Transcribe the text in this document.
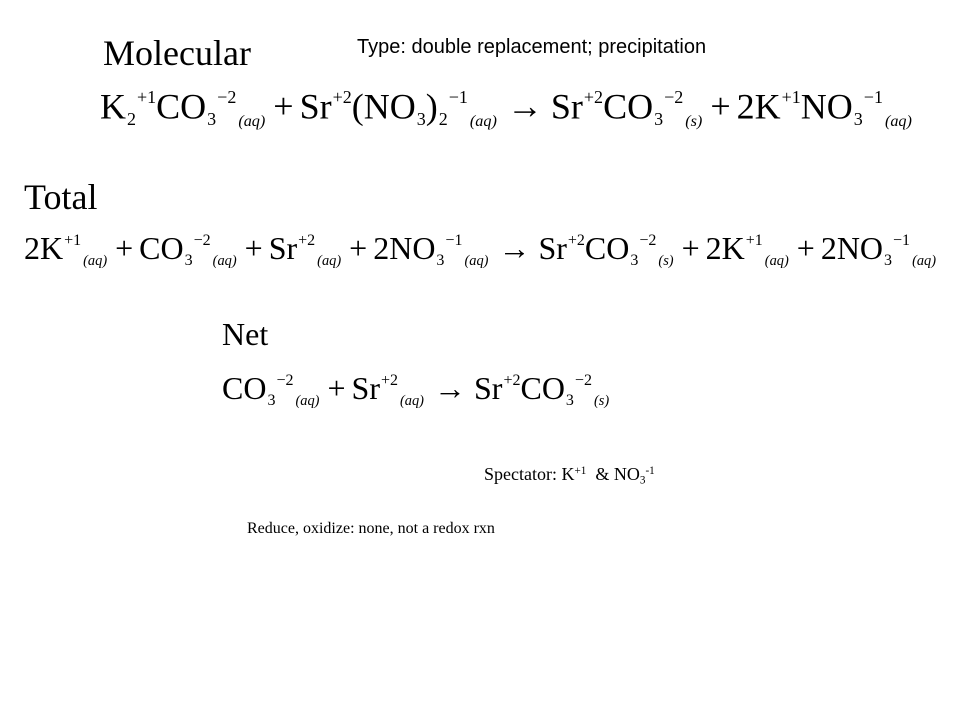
Type: double replacement; precipitation
Molecular
$K_2^{+1}CO_3^{-2}_{(aq)} + Sr^{+2}(NO_3)_2^{-1}_{(aq)} \to Sr^{+2}CO_3^{-2}_{(s)} + 2K^{+1}NO_3^{-1}_{(aq)}$
Total
$2K^{+1}_{(aq)} + CO_3^{-2}_{(aq)} + Sr^{+2}_{(aq)} + 2NO_3^{-1}_{(aq)} \to Sr^{+2}CO_3^{-2}_{(s)} + 2K^{+1}_{(aq)} + 2NO_3^{-1}_{(aq)}$
Net
$CO_3^{-2}_{(aq)} + Sr^{+2}_{(aq)} \to Sr^{+2}CO_3^{-2}_{(s)}$
Spectator: $K^{+1}$ & $NO3^{-1}$
Reduce, oxidize: none, not a redox rxn
